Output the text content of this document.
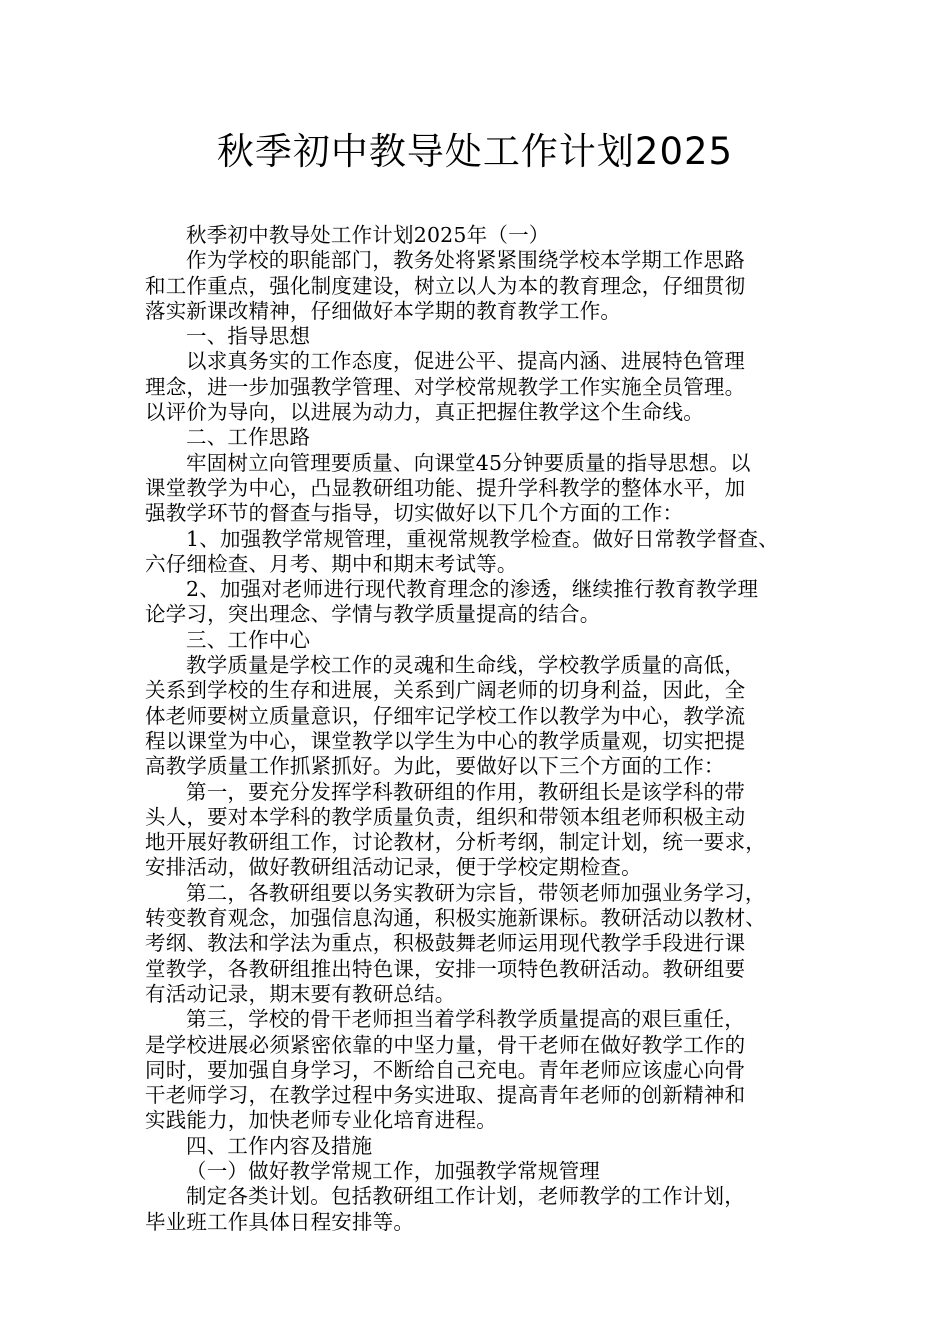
秋季初中教导处工作计划2025

秋季初中教导处工作计划2025年（一）

作为学校的职能部门，教务处将紧紧围绕学校本学期工作思路
和工作重点，强化制度建设，树立以人为本的教育理念，仔细贯彻
落实新课改精神，仔细做好本学期的教育教学工作。

一、指导思想

以求真务实的工作态度，促进公平、提高内涵、进展特色管理
理念，进一步加强教学管理、对学校常规教学工作实施全员管理。
以评价为导向，以进展为动力，真正把握住教学这个生命线。

二、工作思路

牢固树立向管理要质量、向课堂45分钟要质量的指导思想。以
课堂教学为中心，凸显教研组功能、提升学科教学的整体水平，加
强教学环节的督查与指导，切实做好以下几个方面的工作：

1、加强教学常规管理，重视常规教学检查。做好日常教学督查、
六仔细检查、月考、期中和期末考试等。

2、加强对老师进行现代教育理念的渗透，继续推行教育教学理
论学习，突出理念、学情与教学质量提高的结合。

三、工作中心

教学质量是学校工作的灵魂和生命线，学校教学质量的高低，
关系到学校的生存和进展，关系到广阔老师的切身利益，因此，全
体老师要树立质量意识，仔细牢记学校工作以教学为中心，教学流
程以课堂为中心，课堂教学以学生为中心的教学质量观，切实把提
高教学质量工作抓紧抓好。为此，要做好以下三个方面的工作：

第一，要充分发挥学科教研组的作用，教研组长是该学科的带
头人，要对本学科的教学质量负责，组织和带领本组老师积极主动
地开展好教研组工作，讨论教材，分析考纲，制定计划，统一要求，
安排活动，做好教研组活动记录，便于学校定期检查。

第二，各教研组要以务实教研为宗旨，带领老师加强业务学习，
转变教育观念，加强信息沟通，积极实施新课标。教研活动以教材、
考纲、教法和学法为重点，积极鼓舞老师运用现代教学手段进行课
堂教学，各教研组推出特色课，安排一项特色教研活动。教研组要
有活动记录，期末要有教研总结。

第三，学校的骨干老师担当着学科教学质量提高的艰巨重任，
是学校进展必须紧密依靠的中坚力量，骨干老师在做好教学工作的
同时，要加强自身学习，不断给自己充电。青年老师应该虚心向骨
干老师学习，在教学过程中务实进取、提高青年老师的创新精神和
实践能力，加快老师专业化培育进程。

四、工作内容及措施

（一）做好教学常规工作，加强教学常规管理

制定各类计划。包括教研组工作计划，老师教学的工作计划，
毕业班工作具体日程安排等。
